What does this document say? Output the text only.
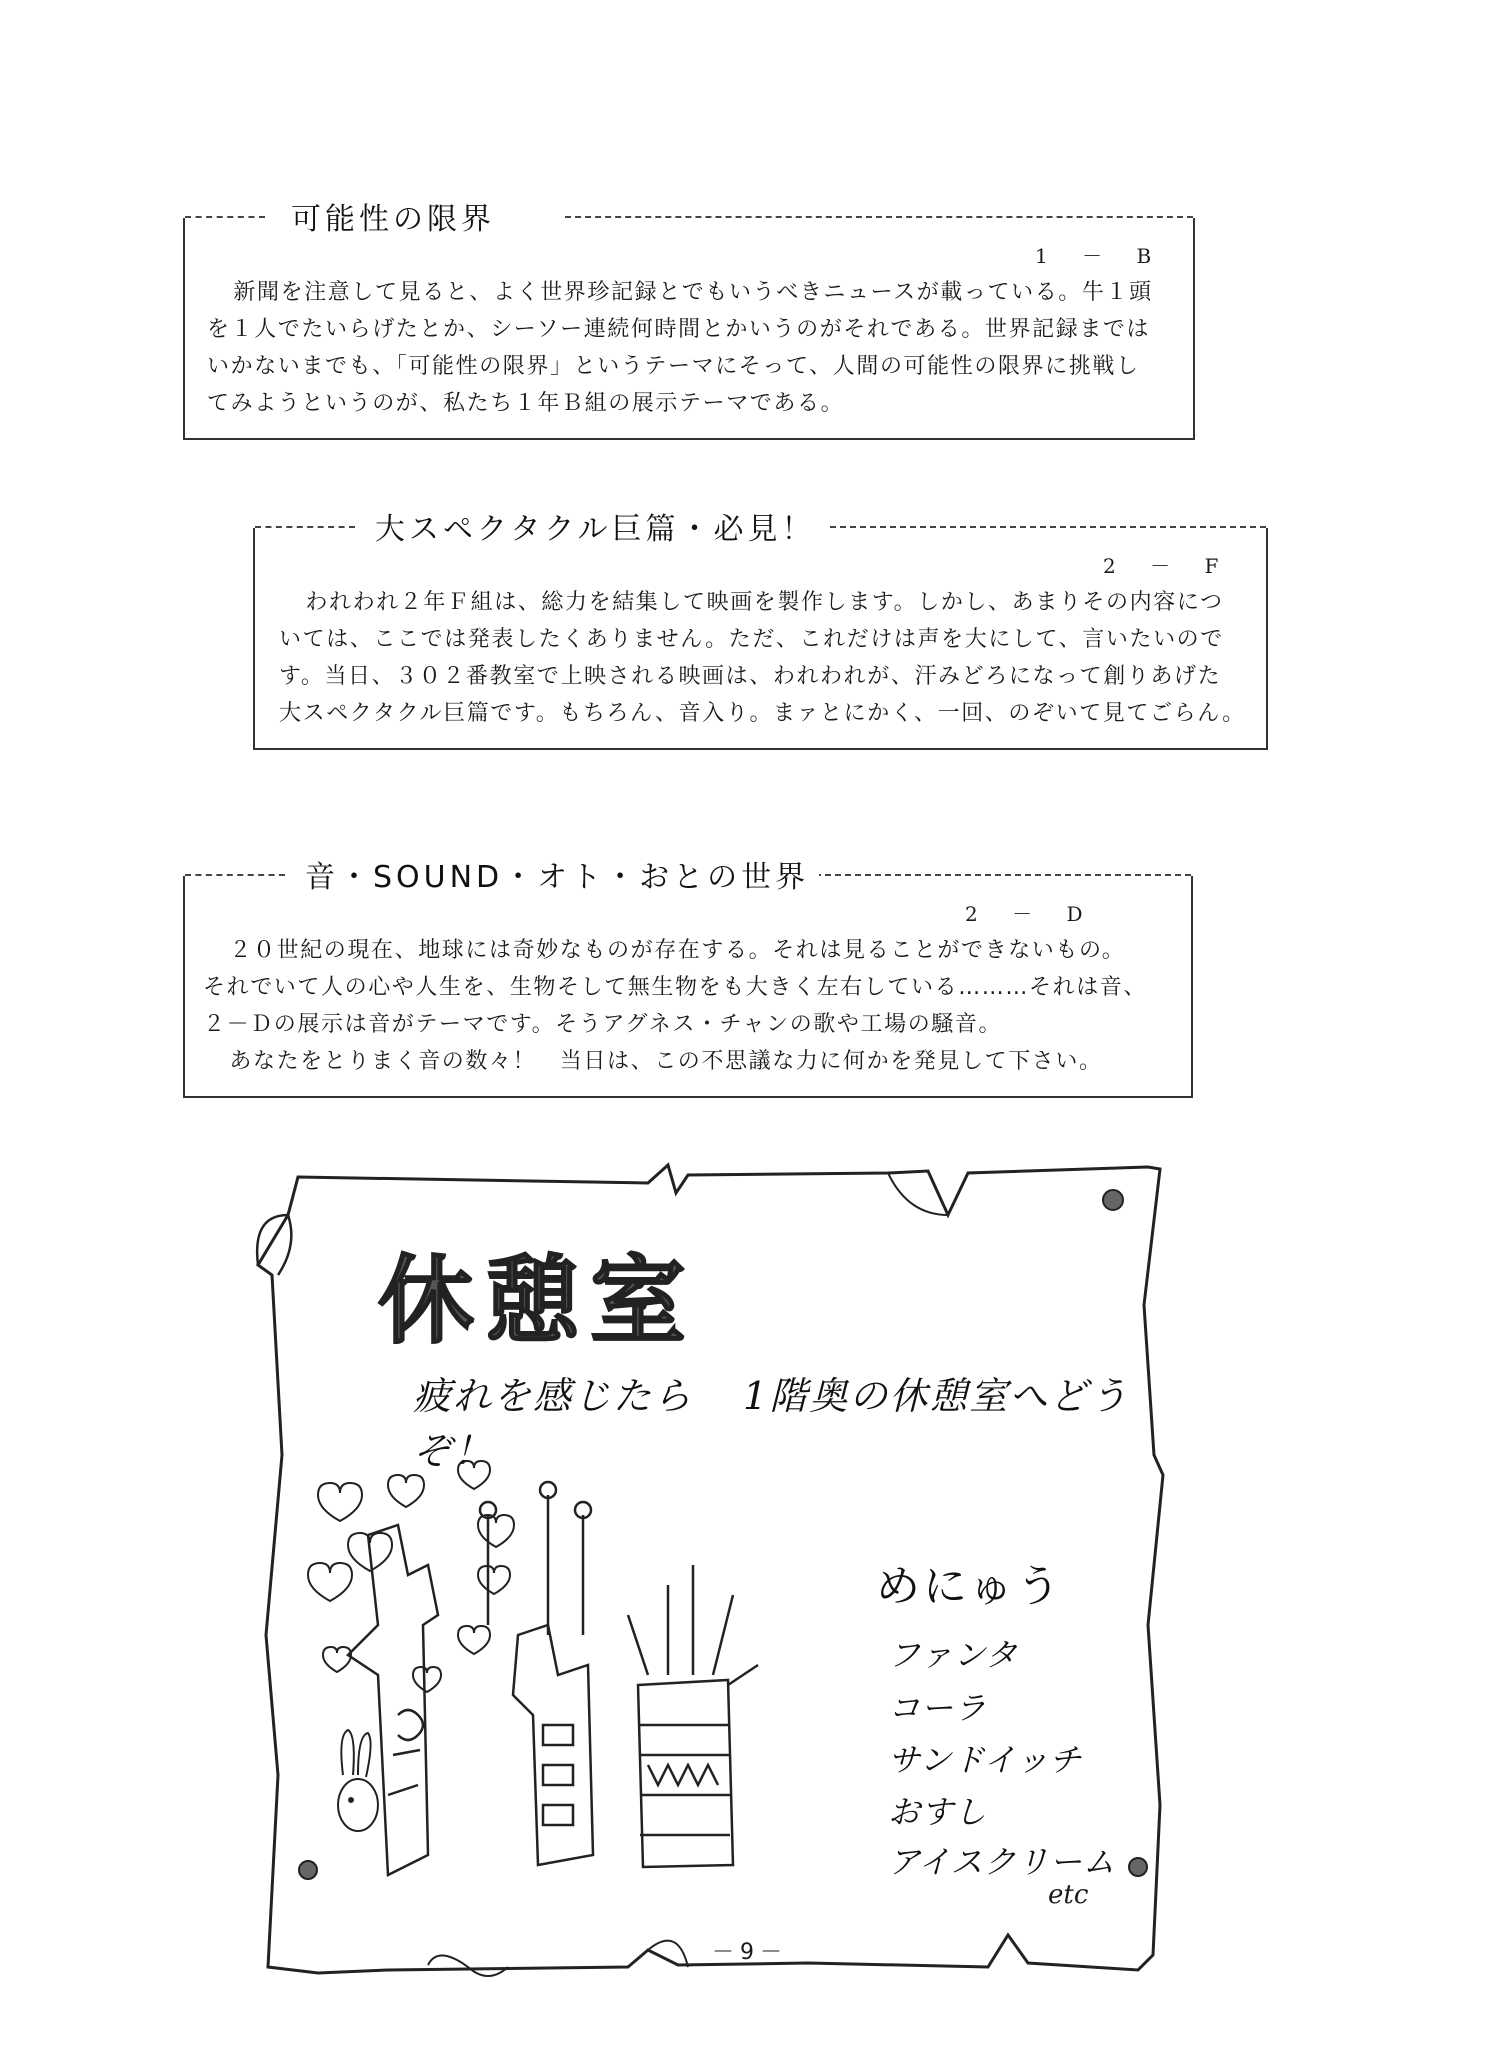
可能性の限界
1 － B

新聞を注意して見ると、よく世界珍記録とでもいうべきニュースが載っている。牛１頭

を１人でたいらげたとか、シーソー連続何時間とかいうのがそれである。世界記録までは

いかないまでも、「可能性の限界」というテーマにそって、人間の可能性の限界に挑戦し

てみようというのが、私たち１年Ｂ組の展示テーマである。

大スペクタクル巨篇・必見！
2 － F

われわれ２年Ｆ組は、総力を結集して映画を製作します。しかし、あまりその内容につ

いては、ここでは発表したくありません。ただ、これだけは声を大にして、言いたいので

す。当日、３０２番教室で上映される映画は、われわれが、汗みどろになって創りあげた

大スペクタクル巨篇です。もちろん、音入り。まァとにかく、一回、のぞいて見てごらん。

音・SOUND・オト・おとの世界
2 － D

２０世紀の現在、地球には奇妙なものが存在する。それは見ることができないもの。

それでいて人の心や人生を、生物そして無生物をも大きく左右している………それは音、

２－Ｄの展示は音がテーマです。そうアグネス・チャンの歌や工場の騒音。

あなたをとりまく音の数々！　当日は、この不思議な力に何かを発見して下さい。

休憩室
疲れを感じたら 1階奥の休憩室へどうぞ！
めにゅう
ファンタ
コーラ
サンドイッチ
おすし
アイスクリーム
etc
－9－
